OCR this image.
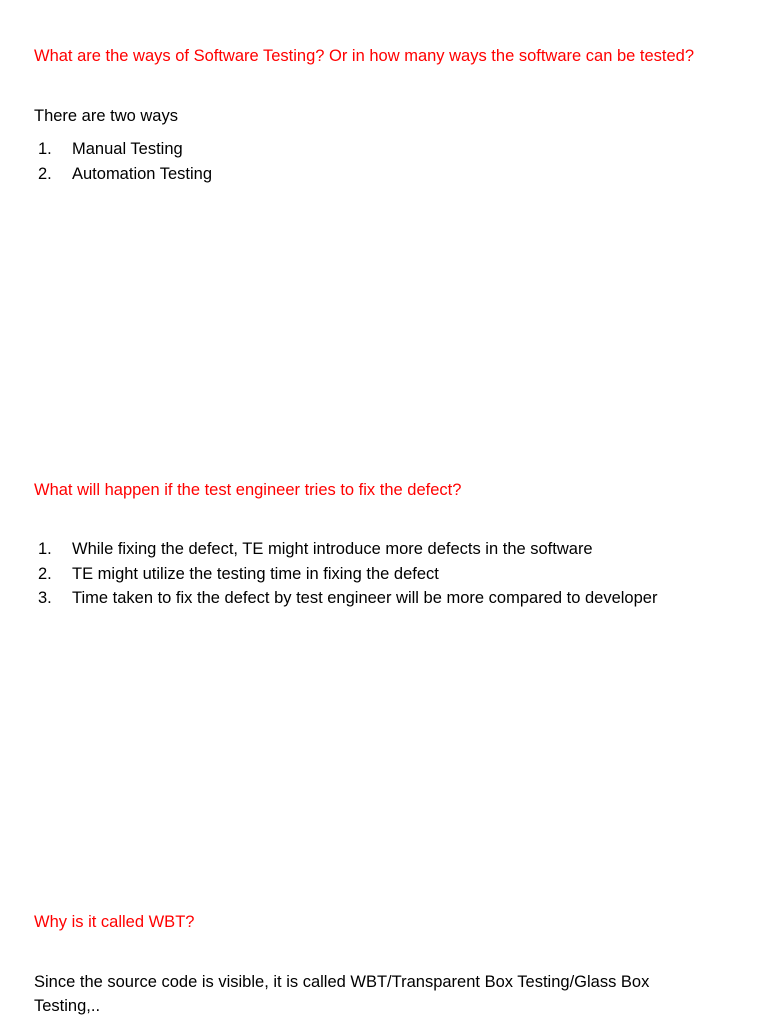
What are the ways of Software Testing? Or in how many ways the software can be tested?

There are two ways

1.	Manual Testing
2.	Automation Testing
What will happen if the test engineer tries to fix the defect?
1.	While fixing the defect, TE might introduce more defects in the software
2.	TE might utilize the testing time in fixing the defect
3.	Time taken to fix the defect by test engineer will be more compared to developer
Why is it called WBT?

Since the source code is visible, it is called WBT/Transparent Box Testing/Glass Box
Testing,..
